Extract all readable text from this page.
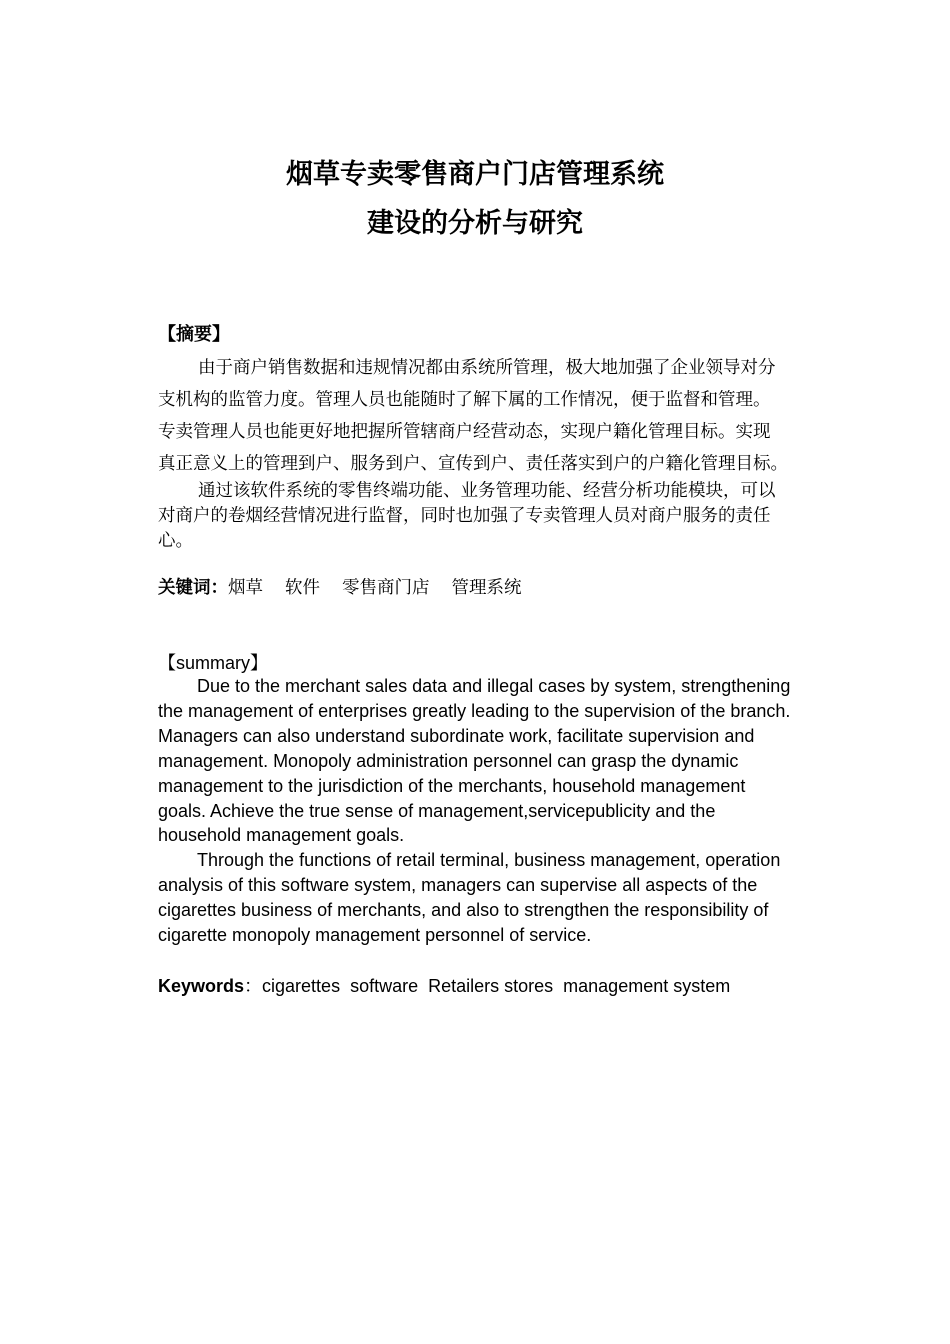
烟草专卖零售商户门店管理系统
建设的分析与研究

【摘要】

由于商户销售数据和违规情况都由系统所管理，极大地加强了企业领导对分
支机构的监管力度。管理人员也能随时了解下属的工作情况，便于监督和管理。
专卖管理人员也能更好地把握所管辖商户经营动态，实现户籍化管理目标。实现
真正意义上的管理到户、服务到户、宣传到户、责任落实到户的户籍化管理目标。
通过该软件系统的零售终端功能、业务管理功能、经营分析功能模块，可以
对商户的卷烟经营情况进行监督，同时也加强了专卖管理人员对商户服务的责任
心。

关键词：烟草 软件 零售商门店 管理系统

【summary】

Due to the merchant sales data and illegal cases by system, strengthening
the management of enterprises greatly leading to the supervision of the branch.
Managers can also understand subordinate work, facilitate supervision and
management. Monopoly administration personnel can grasp the dynamic
management to the jurisdiction of the merchants, household management
goals. Achieve the true sense of management,servicepublicity and the
household management goals.
Through the functions of retail terminal, business management, operation
analysis of this software system, managers can supervise all aspects of the
cigarettes business of merchants, and also to strengthen the responsibility of
cigarette monopoly management personnel of service.

Keywords：cigarettes software Retailers stores management system
